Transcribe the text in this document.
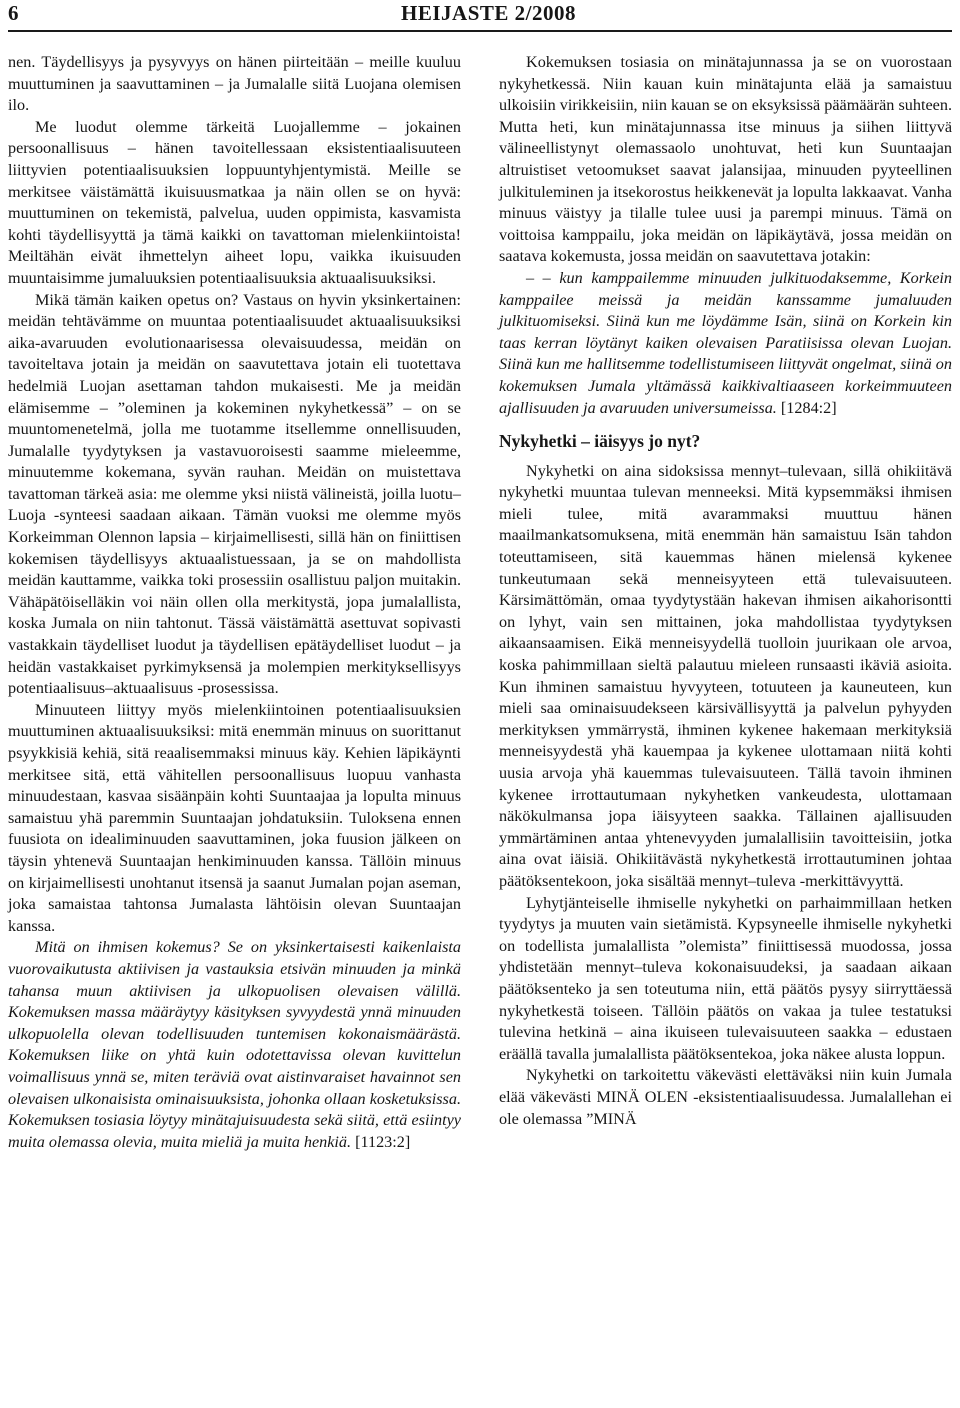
6	HEIJASTE 2/2008

nen. Täydellisyys ja pysyvyys on hänen piirteitään – meille kuuluu muuttuminen ja saavuttaminen – ja Jumalalle siitä Luojana olemisen ilo.

Me luodut olemme tärkeitä Luojallemme – jokainen persoonallisuus – hänen tavoitellessaan eksistentiaalisuuteen liittyvien potentiaalisuuksien loppuuntyhjentymistä. Meille se merkitsee väistämättä ikuisuusmatkaa ja näin ollen se on hyvä: muuttuminen on tekemistä, palvelua, uuden oppimista, kasvamista kohti täydellisyyttä ja tämä kaikki on tavattoman mielenkiintoista! Meiltähän eivät ihmettelyn aiheet lopu, vaikka ikuisuuden muuntaisimme jumaluuksien potentiaalisuuksia aktuaalisuuksiksi.

Mikä tämän kaiken opetus on? Vastaus on hyvin yksinkertainen: meidän tehtävämme on muuntaa potentiaalisuudet aktuaalisuuksiksi aika-avaruuden evolutionaarisessa olevaisuudessa, meidän on tavoiteltava jotain ja meidän on saavutettava jotain eli tuotettava hedelmiä Luojan asettaman tahdon mukaisesti. Me ja meidän elämisemme – ”oleminen ja kokeminen nykyhetkessä” – on se muuntomenetelmä, jolla me tuotamme itsellemme onnellisuuden, Jumalalle tyydytyksen ja vastavuoroisesti saamme mieleemme, minuutemme kokemana, syvän rauhan. Meidän on muistettava tavattoman tärkeä asia: me olemme yksi niistä välineistä, joilla luotu–Luoja -synteesi saadaan aikaan. Tämän vuoksi me olemme myös Korkeimman Olennon lapsia – kirjaimellisesti, sillä hän on finiittisen kokemisen täydellisyys aktuaalistuessaan, ja se on mahdollista meidän kauttamme, vaikka toki prosessiin osallistuu paljon muitakin. Vähäpätöiselläkin voi näin ollen olla merkitystä, jopa jumalallista, koska Jumala on niin tahtonut. Tässä väistämättä asettuvat sopivasti vastakkain täydelliset luodut ja täydellisen epätäydelliset luodut – ja heidän vastakkaiset pyrkimyksensä ja molempien merkityksellisyys potentiaalisuus–aktuaalisuus -prosessissa.

Minuuteen liittyy myös mielenkiintoinen potentiaalisuuksien muuttuminen aktuaalisuuksiksi: mitä enemmän minuus on suorittanut psyykkisiä kehiä, sitä reaalisemmaksi minuus käy. Kehien läpikäynti merkitsee sitä, että vähitellen persoonallisuus luopuu vanhasta minuudestaan, kasvaa sisäänpäin kohti Suuntaajaa ja lopulta minuus samaistuu yhä paremmin Suuntaajan johdatuksiin. Tuloksena ennen fuusiota on idealiminuuden saavuttaminen, joka fuusion jälkeen on täysin yhtenevä Suuntaajan henkiminuuden kanssa. Tällöin minuus on kirjaimellisesti unohtanut itsensä ja saanut Jumalan pojan aseman, joka samaistaa tahtonsa Jumalasta lähtöisin olevan Suuntaajan kanssa.

Mitä on ihmisen kokemus? Se on yksinkertaisesti kaikenlaista vuorovaikutusta aktiivisen ja vastauksia etsivän minuuden ja minkä tahansa muun aktiivisen ja ulkopuolisen olevaisen välillä. Kokemuksen massa määräytyy käsityksen syvyydestä ynnä minuuden ulkopuolella olevan todellisuuden tuntemisen kokonaismäärästä. Kokemuksen liike on yhtä kuin odotettavissa olevan kuvittelun voimallisuus ynnä se, miten teräviä ovat aistinvaraiset havainnot sen olevaisen ulkonaisista ominaisuuksista, johonka ollaan kosketuksissa. Kokemuksen tosiasia löytyy minätajuisuudesta sekä siitä, että esiintyy muita olemassa olevia, muita mieliä ja muita henkiä. [1123:2]

Kokemuksen tosiasia on minätajunnassa ja se on vuorostaan nykyhetkessä. Niin kauan kuin minätajunta elää ja samaistuu ulkoisiin virikkeisiin, niin kauan se on eksyksissä päämäärän suhteen. Mutta heti, kun minätajunnassa itse minuus ja siihen liittyvä välineellistynyt olemassaolo unohtuvat, heti kun Suuntaajan altruistiset vetoomukset saavat jalansijaa, minuuden pyyteellinen julkituleminen ja itsekorostus heikkenevät ja lopulta lakkaavat. Vanha minuus väistyy ja tilalle tulee uusi ja parempi minuus. Tämä on voittoisa kamppailu, joka meidän on läpikäytävä, jossa meidän on saatava kokemusta, jossa meidän on saavutettava jotakin:

– – kun kamppailemme minuuden julkituodaksemme, Korkein kamppailee meissä ja meidän kanssamme jumaluuden julkituomiseksi. Siinä kun me löydämme Isän, siinä on Korkein kin taas kerran löytänyt kaiken olevaisen Paratiisissa olevan Luojan. Siinä kun me hallitsemme todellistumiseen liittyvät ongelmat, siinä on kokemuksen Jumala yltämässä kaikkivaltiaaseen korkeimmuuteen ajallisuuden ja avaruuden universumeissa. [1284:2]

Nykyhetki – iäisyys jo nyt?

Nykyhetki on aina sidoksissa mennyt–tulevaan, sillä ohikiitävä nykyhetki muuntaa tulevan menneeksi. Mitä kypsemmäksi ihmisen mieli tulee, mitä avarammaksi muuttuu hänen maailmankatsomuksena, mitä enemmän hän samaistuu Isän tahdon toteuttamiseen, sitä kauemmas hänen mielensä kykenee tunkeutumaan sekä menneisyyteen että tulevaisuuteen. Kärsimättömän, omaa tyydytystään hakevan ihmisen aikahorisontti on lyhyt, vain sen mittainen, joka mahdollistaa tyydytyksen aikaansaamisen. Eikä menneisyydellä tuolloin juurikaan ole arvoa, koska pahimmillaan sieltä palautuu mieleen runsaasti ikäviä asioita. Kun ihminen samaistuu hyvyyteen, totuuteen ja kauneuteen, kun mieli saa ominaisuudekseen kärsivällisyyttä ja palvelun pyhyyden merkityksen ymmärrystä, ihminen kykenee hakemaan merkityksiä menneisyydestä yhä kauempaa ja kykenee ulottamaan niitä kohti uusia arvoja yhä kauemmas tulevaisuuteen. Tällä tavoin ihminen kykenee irrottautumaan nykyhetken vankeudesta, ulottamaan näkökulmansa jopa iäisyyteen saakka. Tällainen ajallisuuden ymmärtäminen antaa yhtenevyyden jumalallisiin tavoitteisiin, jotka aina ovat iäisiä. Ohikiitävästä nykyhetkestä irrottautuminen johtaa päätöksentekoon, joka sisältää mennyt–tuleva -merkittävyyttä.

Lyhytjänteiselle ihmiselle nykyhetki on parhaimmillaan hetken tyydytys ja muuten vain sietämistä. Kypsyneelle ihmiselle nykyhetki on todellista jumalallista ”olemista” finiittisessä muodossa, jossa yhdistetään mennyt–tuleva kokonaisuudeksi, ja saadaan aikaan päätöksenteko ja sen toteutuma niin, että päätös pysyy siirryttäessä nykyhetkestä toiseen. Tällöin päätös on vakaa ja tulee testatuksi tulevina hetkinä – aina ikuiseen tulevaisuuteen saakka – edustaen eräällä tavalla jumalallista päätöksentekoa, joka näkee alusta loppun.

Nykyhetki on tarkoitettu väkevästi elettäväksi niin kuin Jumala elää väkevästi MINÄ OLEN -eksistentiaalisuudessa. Jumalallehan ei ole olemassa ”MINÄ
